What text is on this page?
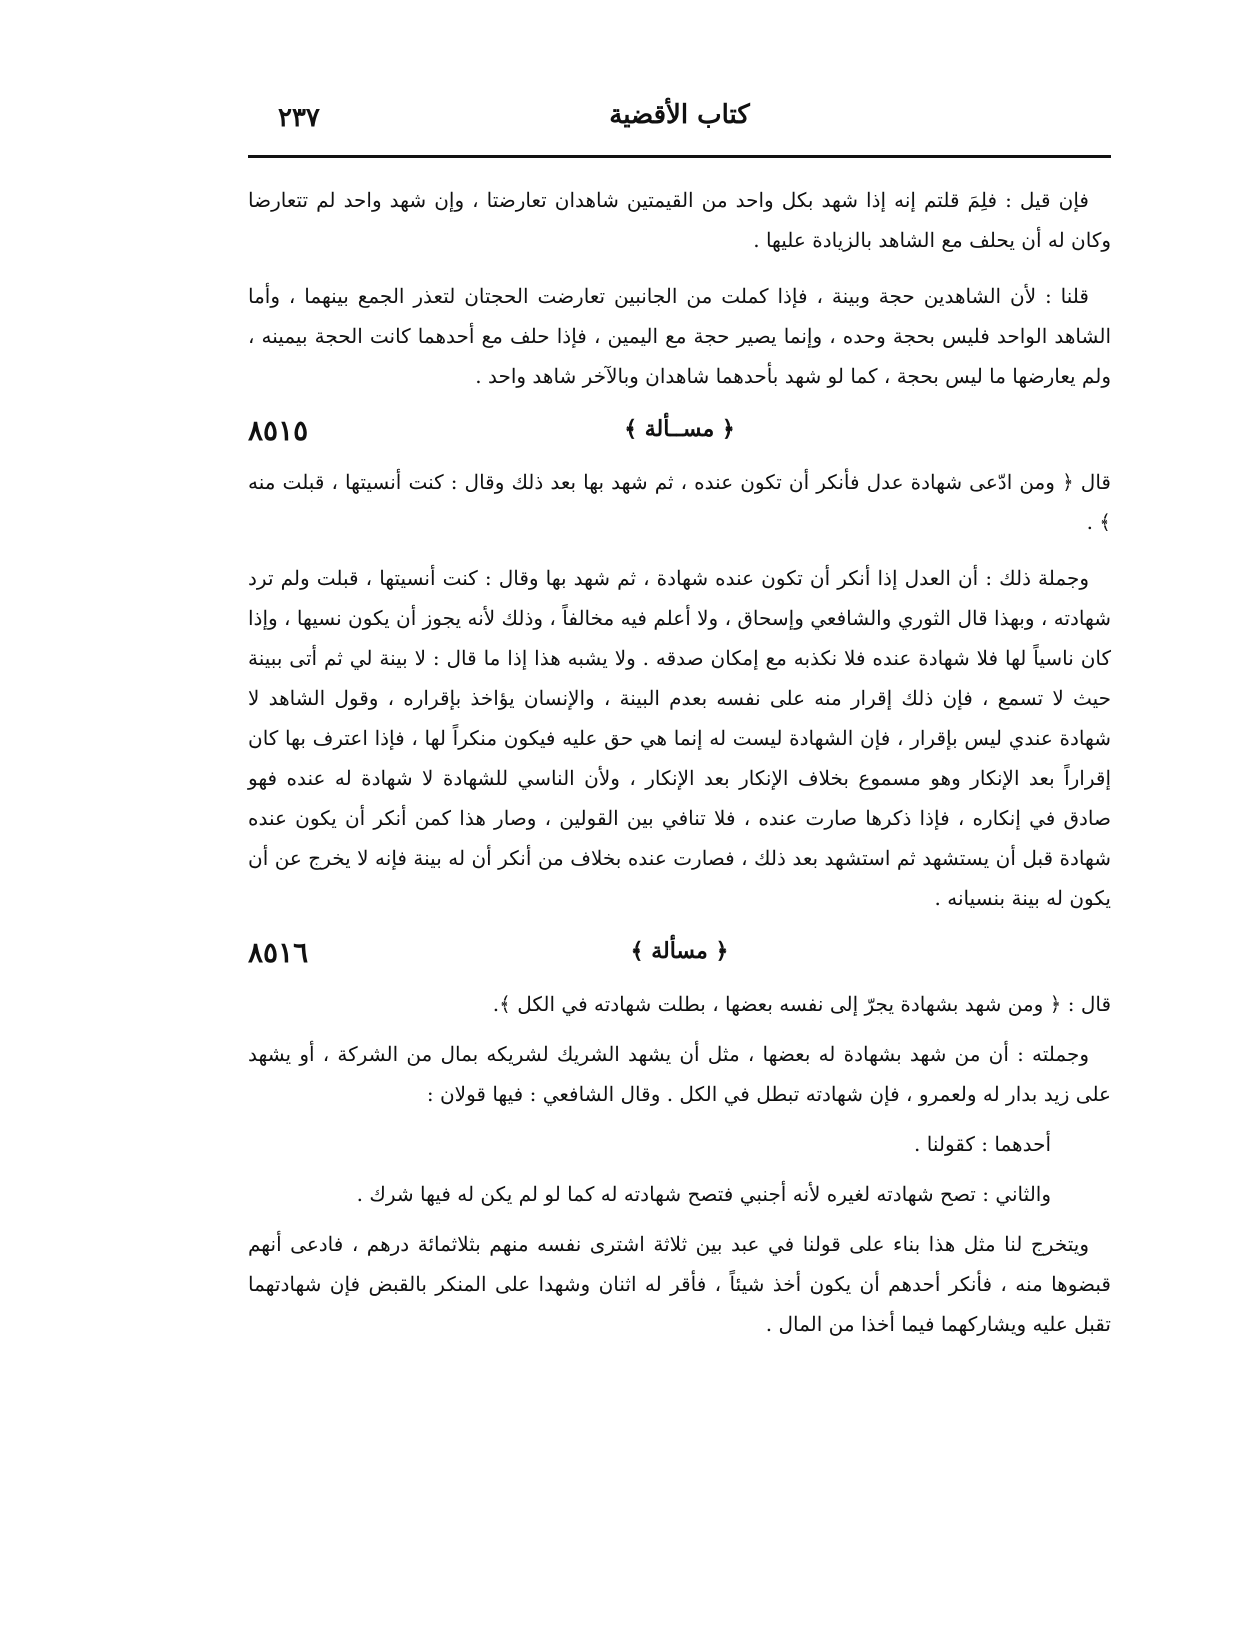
كتاب الأقضية
٢٣٧

فإن قيل : فلِمَ قلتم إنه إذا شهد بكل واحد من القيمتين شاهدان تعارضتا ، وإن شهد واحد لم تتعارضا وكان له أن يحلف مع الشاهد بالزيادة عليها .

قلنا : لأن الشاهدين حجة وبينة ، فإذا كملت من الجانبين تعارضت الحجتان لتعذر الجمع بينهما ، وأما الشاهد الواحد فليس بحجة وحده ، وإنما يصير حجة مع اليمين ، فإذا حلف مع أحدهما كانت الحجة بيمينه ، ولم يعارضها ما ليس بحجة ، كما لو شهد بأحدهما شاهدان وبالآخر شاهد واحد .

﴿ مســألة ﴾
٨٥١٥

قال ﴿ ومن ادّعى شهادة عدل فأنكر أن تكون عنده ، ثم شهد بها بعد ذلك وقال : كنت أنسيتها ، قبلت منه ﴾ .

وجملة ذلك : أن العدل إذا أنكر أن تكون عنده شهادة ، ثم شهد بها وقال : كنت أنسيتها ، قبلت ولم ترد شهادته ، وبهذا قال الثوري والشافعي وإسحاق ، ولا أعلم فيه مخالفاً ، وذلك لأنه يجوز أن يكون نسيها ، وإذا كان ناسياً لها فلا شهادة عنده فلا نكذبه مع إمكان صدقه . ولا يشبه هذا إذا ما قال : لا بينة لي ثم أتى ببينة حيث لا تسمع ، فإن ذلك إقرار منه على نفسه بعدم البينة ، والإنسان يؤاخذ بإقراره ، وقول الشاهد لا شهادة عندي ليس بإقرار ، فإن الشهادة ليست له إنما هي حق عليه فيكون منكراً لها ، فإذا اعترف بها كان إقراراً بعد الإنكار وهو مسموع بخلاف الإنكار بعد الإنكار ، ولأن الناسي للشهادة لا شهادة له عنده فهو صادق في إنكاره ، فإذا ذكرها صارت عنده ، فلا تنافي بين القولين ، وصار هذا كمن أنكر أن يكون عنده شهادة قبل أن يستشهد ثم استشهد بعد ذلك ، فصارت عنده بخلاف من أنكر أن له بينة فإنه لا يخرج عن أن يكون له بينة بنسيانه .

﴿ مسألة ﴾
٨٥١٦

قال : ﴿ ومن شهد بشهادة يجرّ إلى نفسه بعضها ، بطلت شهادته في الكل ﴾.

وجملته : أن من شهد بشهادة له بعضها ، مثل أن يشهد الشريك لشريكه بمال من الشركة ، أو يشهد على زيد بدار له ولعمرو ، فإن شهادته تبطل في الكل . وقال الشافعي : فيها قولان :

أحدهما : كقولنا .

والثاني : تصح شهادته لغيره لأنه أجنبي فتصح شهادته له كما لو لم يكن له فيها شرك .

ويتخرج لنا مثل هذا بناء على قولنا في عبد بين ثلاثة اشترى نفسه منهم بثلاثمائة درهم ، فادعى أنهم قبضوها منه ، فأنكر أحدهم أن يكون أخذ شيئاً ، فأقر له اثنان وشهدا على المنكر بالقبض فإن شهادتهما تقبل عليه ويشاركهما فيما أخذا من المال .
